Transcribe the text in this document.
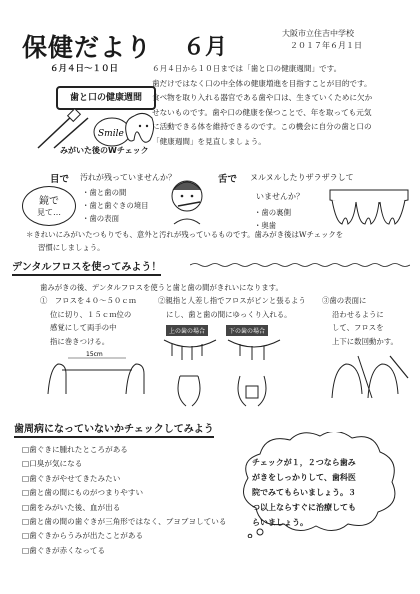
保健だより ６月
大阪市立住吉中学校
２０１７年６月１日
６月４日～１０日
歯と口の健康週間
Smile
みがいた後のWチェック
６月４日から１０日までは「歯と口の健康週間」です。
歯だけではなく口の中全体の健康増進を目指すことが目的です。
食べ物を取り入れる器官である歯や口は、生きていくために欠か
せないものです。歯や口の健康を保つことで、年を取っても元気
に活動できる体を維持できるのです。この機会に自分の歯と口の
「健康週間」を見直しましょう。
目で 汚れが残っていませんか？
鏡で
見て…
・歯と歯の間
・歯と歯ぐきの境目
・歯の表面
舌で ヌルヌルしたりザラザラして
いませんか？
・歯の裏側
・奥歯
＊きれいにみがいたつもりでも、意外と汚れが残っているものです。歯みがき後はWチェックを
習慣にしましょう。
デンタルフロスを使ってみよう！
歯みがきの後、デンタルフロスを使うと歯と歯の間がきれいになります。
①　フロスを４０～５０ｃｍ
位に切り、１５ｃｍ位の
感覚にして両手の中
指に巻きつける。
15cm
②親指と人差し指でフロスがピンと張るよう
にし、歯と歯の間にゆっくり入れる。
上の歯の場合	下の歯の場合
③歯の表面に
沿わせるように
して、フロスを
上下に数回動かす。
歯周病になっていないかチェックしてみよう
□歯ぐきに腫れたところがある
□口臭が気になる
□歯ぐきがやせてきたみたい
□歯と歯の間にものがつまりやすい
□歯をみがいた後、血が出る
□歯と歯の間の歯ぐきが三角形ではなく、ブヨブヨしている
□歯ぐきからうみが出たことがある
□歯ぐきが赤くなってる
チェックが１，２つなら歯み
がきをしっかりして、歯科医
院でみてもらいましょう。３
つ以上ならすぐに治療しても
らいましょう。
